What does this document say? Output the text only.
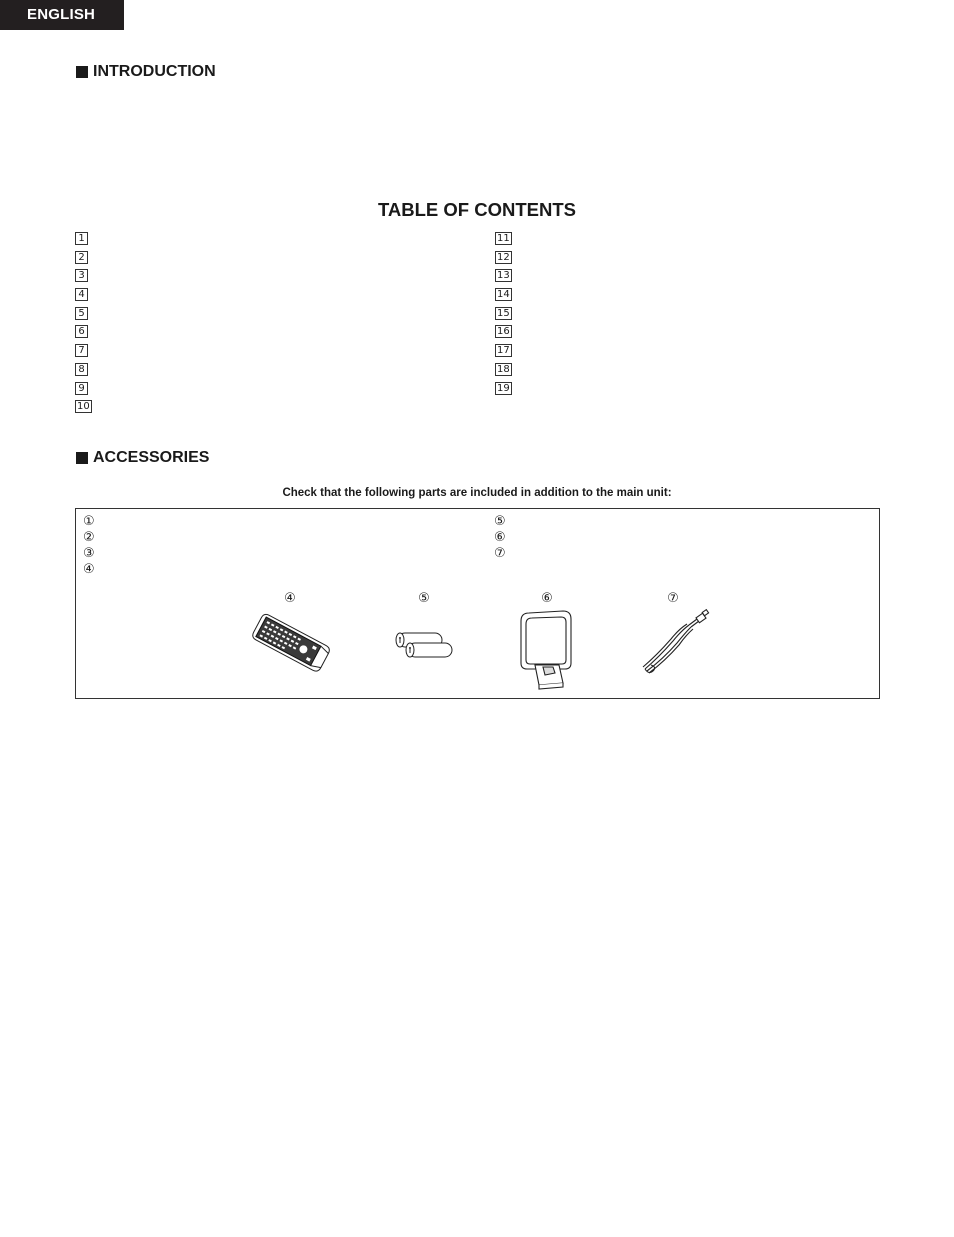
ENGLISH
INTRODUCTION
TABLE OF CONTENTS
1
2
3
4
5
6
7
8
9
10
11
12
13
14
15
16
17
18
19
ACCESSORIES
Check that the following parts are included in addition to the main unit:
①
②
③
④
⑤
⑥
⑦
④	⑤	⑥	⑦
